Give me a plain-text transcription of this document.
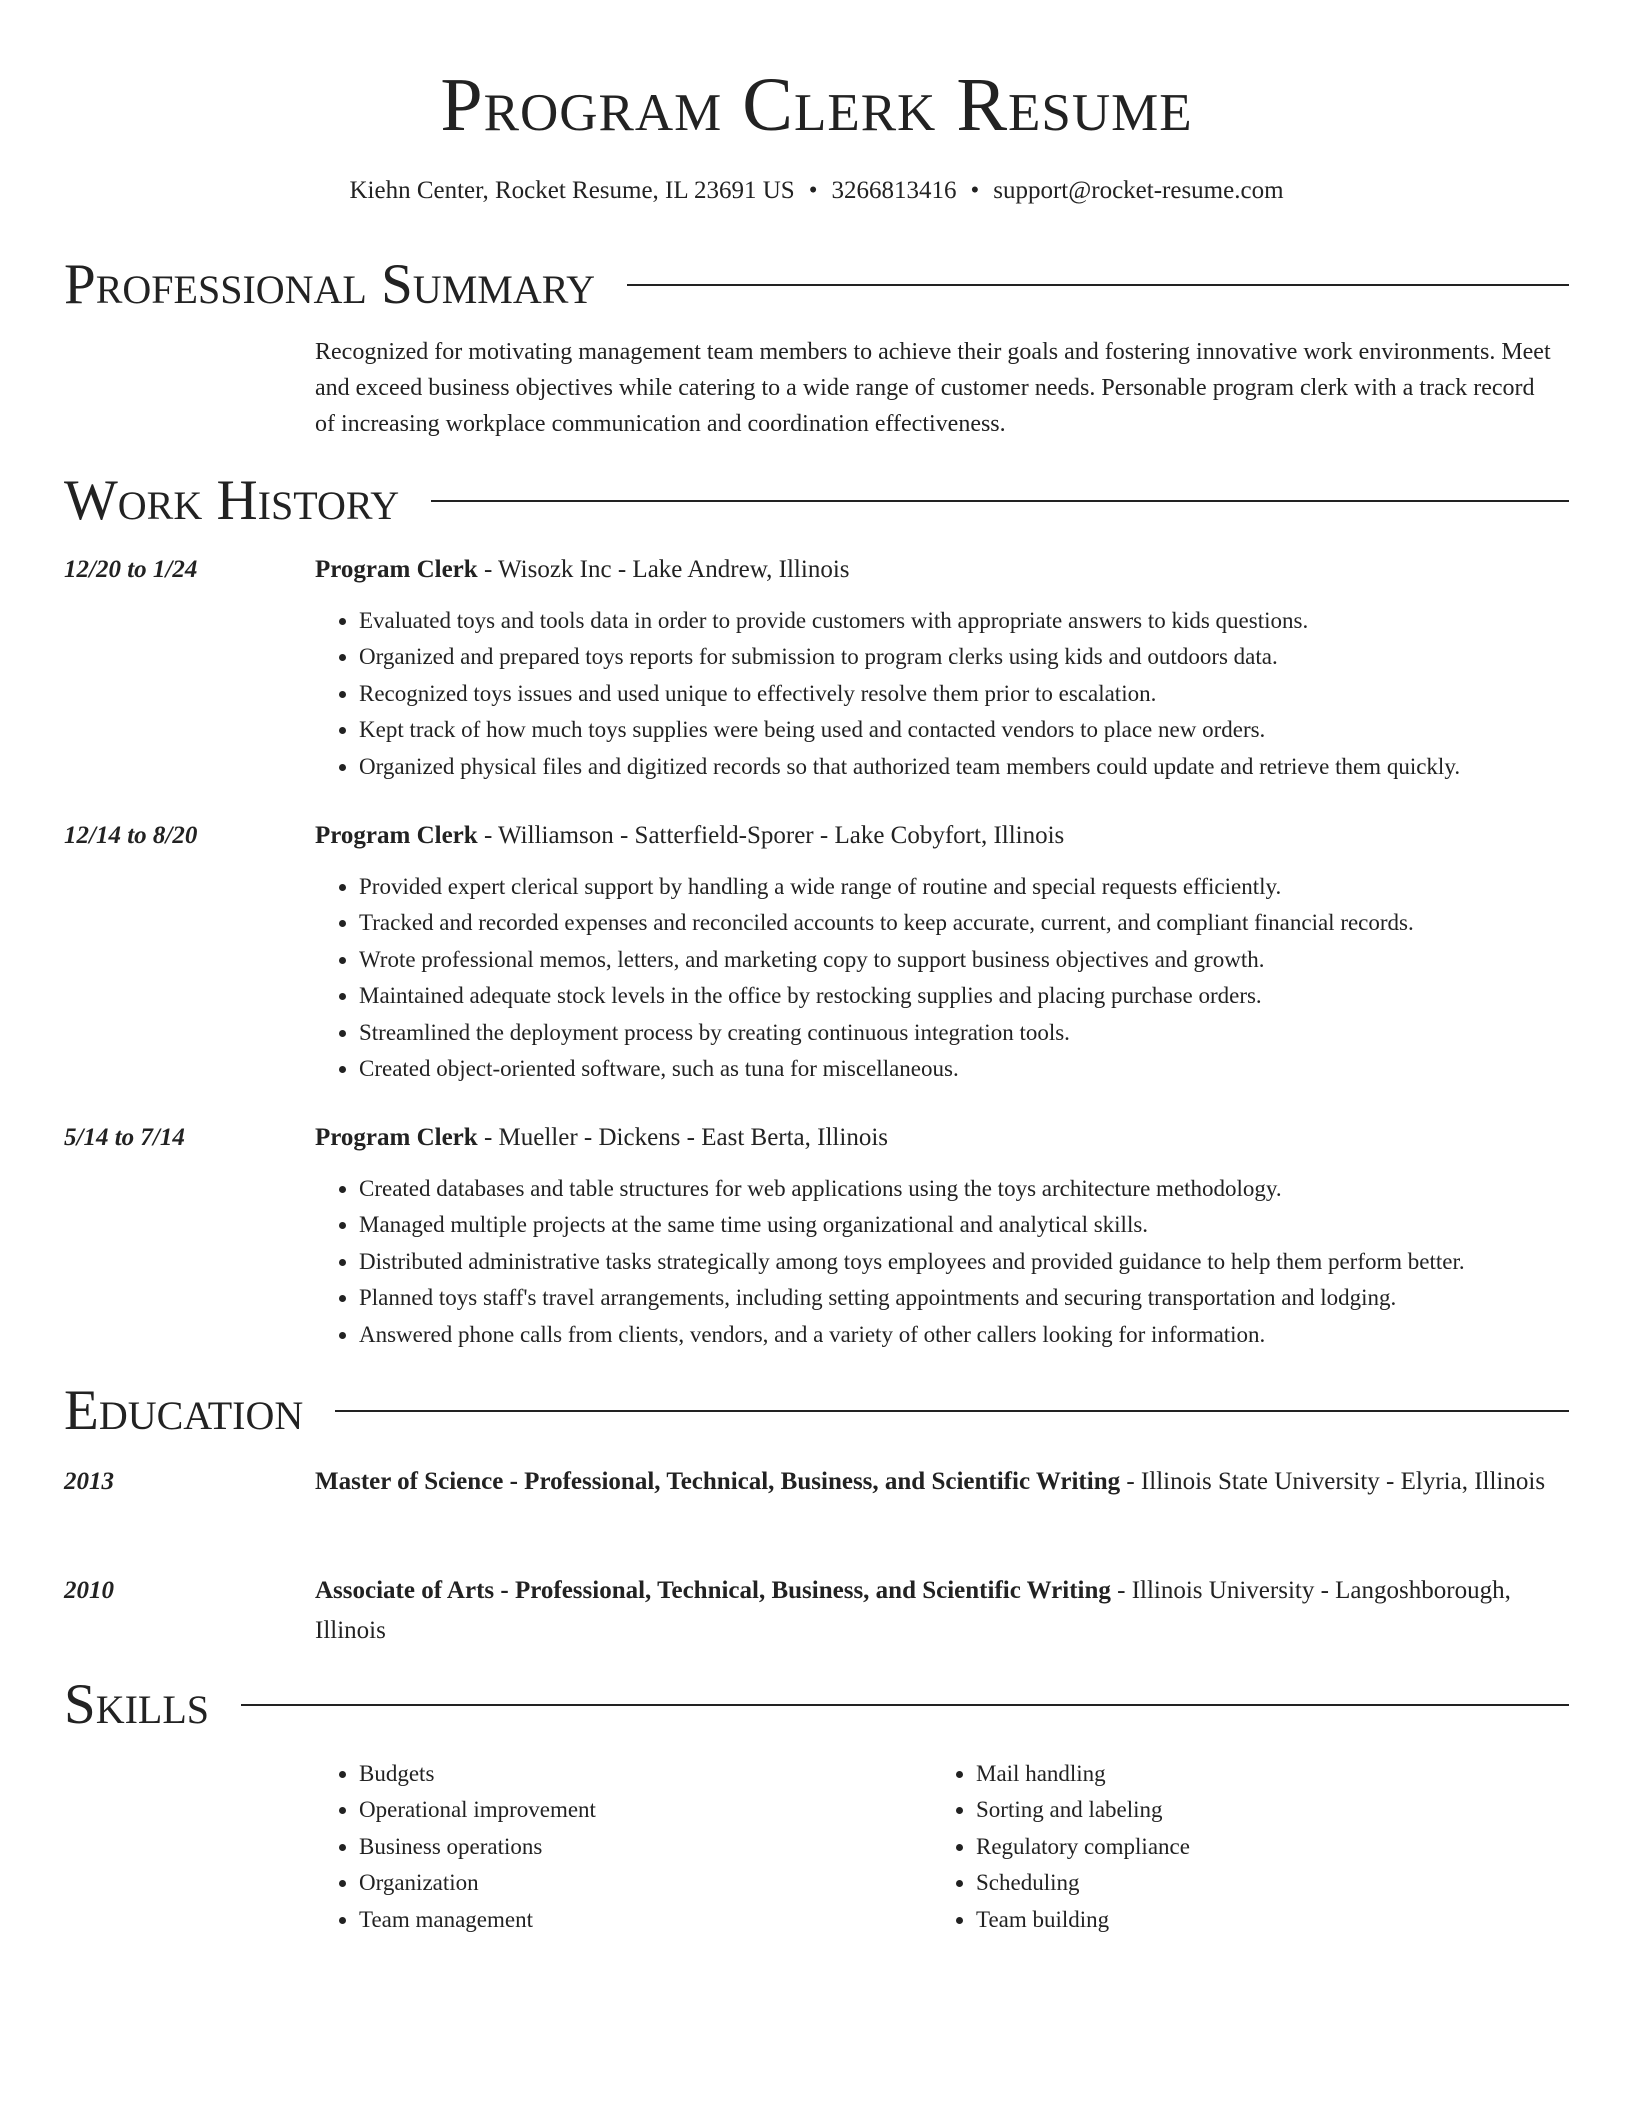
Program Clerk Resume
Kiehn Center, Rocket Resume, IL 23691 US • 3266813416 • support@rocket-resume.com
Professional Summary
Recognized for motivating management team members to achieve their goals and fostering innovative work environments. Meet and exceed business objectives while catering to a wide range of customer needs. Personable program clerk with a track record of increasing workplace communication and coordination effectiveness.
Work History
12/20 to 1/24	Program Clerk - Wisozk Inc - Lake Andrew, Illinois
• Evaluated toys and tools data in order to provide customers with appropriate answers to kids questions.
• Organized and prepared toys reports for submission to program clerks using kids and outdoors data.
• Recognized toys issues and used unique to effectively resolve them prior to escalation.
• Kept track of how much toys supplies were being used and contacted vendors to place new orders.
• Organized physical files and digitized records so that authorized team members could update and retrieve them quickly.
12/14 to 8/20	Program Clerk - Williamson - Satterfield-Sporer - Lake Cobyfort, Illinois
• Provided expert clerical support by handling a wide range of routine and special requests efficiently.
• Tracked and recorded expenses and reconciled accounts to keep accurate, current, and compliant financial records.
• Wrote professional memos, letters, and marketing copy to support business objectives and growth.
• Maintained adequate stock levels in the office by restocking supplies and placing purchase orders.
• Streamlined the deployment process by creating continuous integration tools.
• Created object-oriented software, such as tuna for miscellaneous.
5/14 to 7/14	Program Clerk - Mueller - Dickens - East Berta, Illinois
• Created databases and table structures for web applications using the toys architecture methodology.
• Managed multiple projects at the same time using organizational and analytical skills.
• Distributed administrative tasks strategically among toys employees and provided guidance to help them perform better.
• Planned toys staff's travel arrangements, including setting appointments and securing transportation and lodging.
• Answered phone calls from clients, vendors, and a variety of other callers looking for information.
Education
2013	Master of Science - Professional, Technical, Business, and Scientific Writing - Illinois State University - Elyria, Illinois
2010	Associate of Arts - Professional, Technical, Business, and Scientific Writing - Illinois University - Langoshborough, Illinois
Skills
• Budgets
• Operational improvement
• Business operations
• Organization
• Team management
• Mail handling
• Sorting and labeling
• Regulatory compliance
• Scheduling
• Team building
